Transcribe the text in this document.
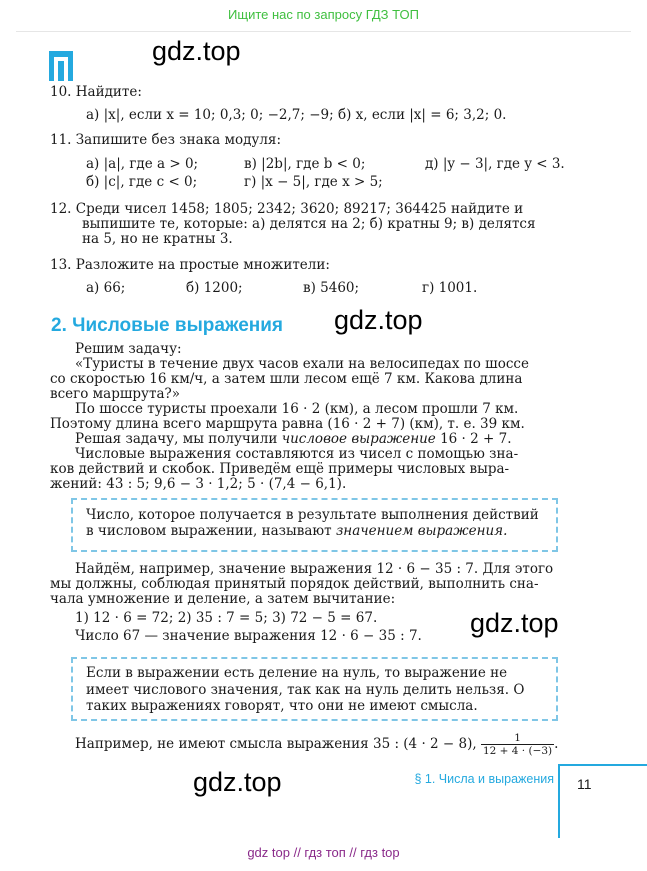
Ищите нас по запросу ГДЗ ТОП
gdz.top
10. Найдите:
а) |x|, если x = 10; 0,3; 0; −2,7; −9; б) x, если |x| = 6; 3,2; 0.
11. Запишите без знака модуля:
а) |a|, где a > 0;	в) |2b|, где b < 0;	д) |y − 3|, где y < 3.
б) |c|, где c < 0;	г) |x − 5|, где x > 5;
12. Среди чисел 1458; 1805; 2342; 3620; 89217; 364425 найдите и
выпишите те, которые: а) делятся на 2; б) кратны 9; в) делятся
на 5, но не кратны 3.
13. Разложите на простые множители:
а) 66;	б) 1200;	в) 5460;	г) 1001.
2. Числовые выражения gdz.top
Решим задачу:
«Туристы в течение двух часов ехали на велосипедах по шоссе
со скоростью 16 км/ч, а затем шли лесом ещё 7 км. Какова длина
всего маршрута?»
По шоссе туристы проехали 16 · 2 (км), а лесом прошли 7 км.
Поэтому длина всего маршрута равна (16 · 2 + 7) (км), т. е. 39 км.
Решая задачу, мы получили числовое выражение 16 · 2 + 7.
Числовые выражения составляются из чисел с помощью зна-
ков действий и скобок. Приведём ещё примеры числовых выра-
жений: 43 : 5; 9,6 − 3 · 1,2; 5 · (7,4 − 6,1).
Число, которое получается в результате выполнения действий
в числовом выражении, называют значением выражения.
Найдём, например, значение выражения 12 · 6 − 35 : 7. Для этого
мы должны, соблюдая принятый порядок действий, выполнить сна-
чала умножение и деление, а затем вычитание:
1) 12 · 6 = 72; 2) 35 : 7 = 5; 3) 72 − 5 = 67.
Число 67 — значение выражения 12 · 6 − 35 : 7. gdz.top
Если в выражении есть деление на нуль, то выражение не
имеет числового значения, так как на нуль делить нельзя. О
таких выражениях говорят, что они не имеют смысла.
Например, не имеют смысла выражения 35 : (4 · 2 − 8), $\frac{1}{12 + 4 \cdot (-3)}$ .
gdz.top	§ 1. Числа и выражения 11
gdz top // гдз топ // гдз top
